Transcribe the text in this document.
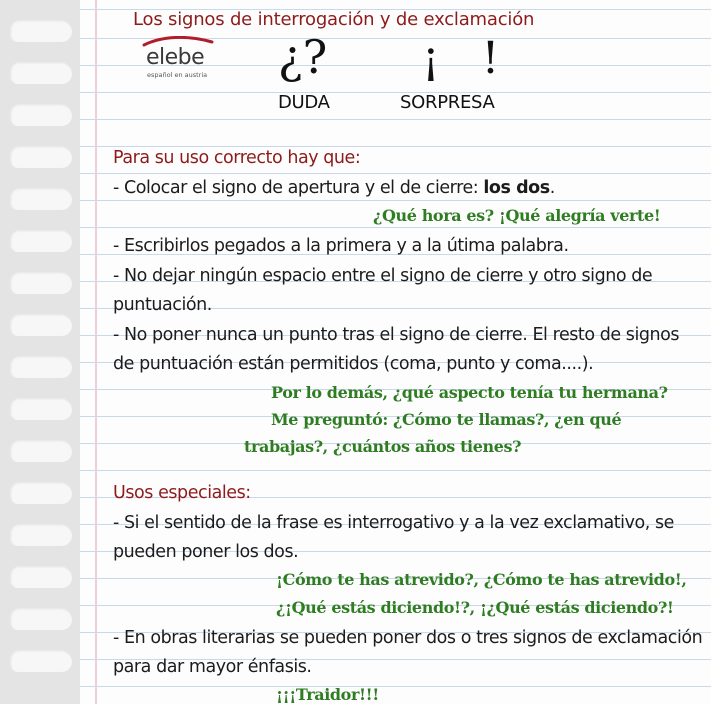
Los signos de interrogación y de exclamación
elebe
español en austria ¿? ¡ !
DUDA	SORPRESA
Para su uso correcto hay que:
- Colocar el signo de apertura y el de cierre: los dos.
¿Qué hora es? ¡Qué alegría verte!
- Escribirlos pegados a la primera y a la útima palabra.
- No dejar ningún espacio entre el signo de cierre y otro signo de
puntuación.
- No poner nunca un punto tras el signo de cierre. El resto de signos
de puntuación están permitidos (coma, punto y coma....).
Por lo demás, ¿qué aspecto tenía tu hermana?
Me preguntó: ¿Cómo te llamas?, ¿en qué
trabajas?, ¿cuántos años tienes?
Usos especiales:
- Si el sentido de la frase es interrogativo y a la vez exclamativo, se
pueden poner los dos.
¡Cómo te has atrevido?, ¿Cómo te has atrevido!,
¿¡Qué estás diciendo!?, ¡¿Qué estás diciendo?!
- En obras literarias se pueden poner dos o tres signos de exclamación
para dar mayor énfasis.
¡¡¡Traidor!!!
